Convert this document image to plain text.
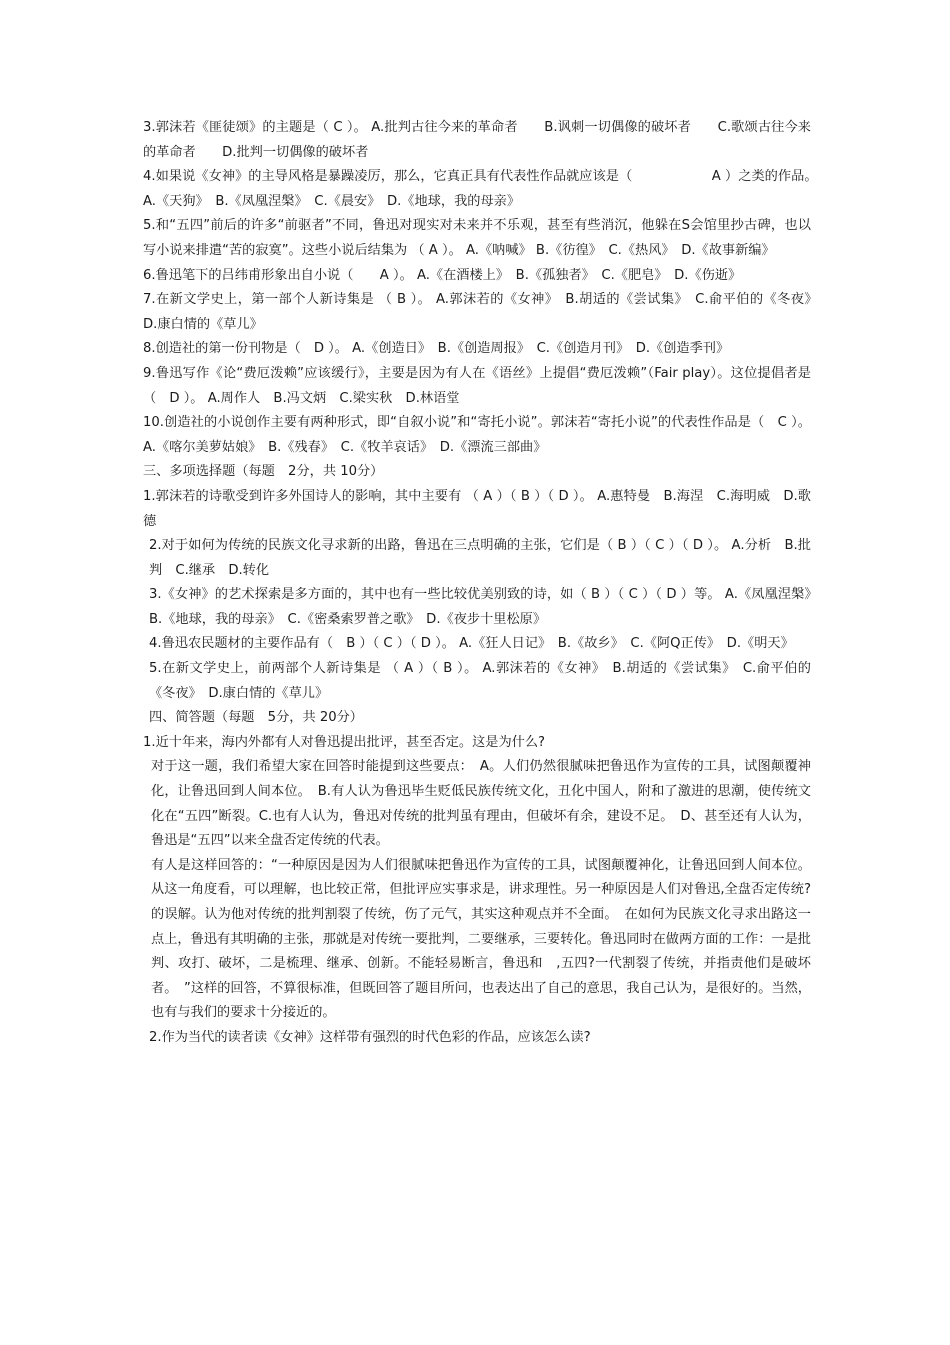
3.郭沫若《匪徒颂》的主题是（ C ）。 A.批判古往今来的革命者　　B.讽刺一切偶像的破坏者　　C.歌颂古往今来的革命者　　D.批判一切偶像的破坏者

4.如果说《女神》的主导风格是暴躁凌厉，那么，它真正具有代表性作品就应该是（　　　　　　A ）之类的作品。　A.《天狗》　B.《凤凰涅槃》　C.《晨安》　D.《地球，我的母亲》

5.和“五四”前后的许多“前驱者”不同，鲁迅对现实对未来并不乐观，甚至有些消沉，他躲在S会馆里抄古碑，也以写小说来排遣“苦的寂寞”。这些小说后结集为 （ A ）。 A.《呐喊》 B.《彷徨》　C.《热风》　D.《故事新编》

6.鲁迅笔下的吕纬甫形象出自小说（　　A ）。 A.《在酒楼上》　B.《孤独者》　C.《肥皂》　D.《伤逝》

7.在新文学史上，第一部个人新诗集是 （ B ）。 A.郭沫若的《女神》　B.胡适的《尝试集》　C.俞平伯的《冬夜》　D.康白情的《草儿》

8.创造社的第一份刊物是（　D ）。 A.《创造日》　B.《创造周报》　C.《创造月刊》　D.《创造季刊》

9.鲁迅写作《论“费厄泼赖”应该缓行》，主要是因为有人在《语丝》上提倡“费厄泼赖”（Fair play）。这位提倡者是（　D ）。 A.周作人　B.冯文炳　C.梁实秋　D.林语堂

10.创造社的小说创作主要有两种形式，即“自叙小说”和“寄托小说”。郭沫若“寄托小说”的代表性作品是（　C ）。 A.《喀尔美萝姑娘》　B.《残春》　C.《牧羊哀话》　D.《漂流三部曲》

三、多项选择题（每题　2分，共 10分）

1.郭沫若的诗歌受到许多外国诗人的影响，其中主要有 （ A ）（ B ）（ D ）。 A.惠特曼　B.海涅　C.海明威　D.歌德

2.对于如何为传统的民族文化寻求新的出路，鲁迅在三点明确的主张，它们是（ B ）（ C ）（ D ）。 A.分析　B.批判　C.继承　D.转化

3.《女神》的艺术探索是多方面的，其中也有一些比较优美别致的诗，如（ B ）（ C ）（ D ）等。 A.《凤凰涅槃》　B.《地球，我的母亲》　C.《密桑索罗普之歌》　D.《夜步十里松原》

4.鲁迅农民题材的主要作品有（　B ）（ C ）（ D ）。 A.《狂人日记》　B.《故乡》　C.《阿Q正传》　D.《明天》

5.在新文学史上，前两部个人新诗集是 （ A ）（ B ）。 A.郭沫若的《女神》　B.胡适的《尝试集》　C.俞平伯的《冬夜》　D.康白情的《草儿》

四、简答题（每题　5分，共 20分）

1.近十年来，海内外都有人对鲁迅提出批评，甚至否定。这是为什么?

对于这一题，我们希望大家在回答时能提到这些要点：　A。人们仍然很腻味把鲁迅作为宣传的工具，试图颠覆神化，让鲁迅回到人间本位。　B.有人认为鲁迅毕生贬低民族传统文化，丑化中国人，附和了激进的思潮，使传统文化在“五四”断裂。C.也有人认为，鲁迅对传统的批判虽有理由，但破坏有余，建设不足。　D、甚至还有人认为，鲁迅是“五四”以来全盘否定传统的代表。

有人是这样回答的：“一种原因是因为人们很腻味把鲁迅作为宣传的工具，试图颠覆神化，让鲁迅回到人间本位。从这一角度看，可以理解，也比较正常，但批评应实事求是，讲求理性。另一种原因是人们对鲁迅,全盘否定传统?的误解。认为他对传统的批判割裂了传统，伤了元气，其实这种观点并不全面。　在如何为民族文化寻求出路这一点上，鲁迅有其明确的主张，那就是对传统一要批判，二要继承，三要转化。鲁迅同时在做两方面的工作：一是批判、攻打、破坏，二是梳理、继承、创新。不能轻易断言，鲁迅和　,五四?一代割裂了传统，并指责他们是破坏者。　”这样的回答，不算很标准，但既回答了题目所问，也表达出了自己的意思，我自己认为，是很好的。当然，也有与我们的要求十分接近的。

2.作为当代的读者读《女神》这样带有强烈的时代色彩的作品，应该怎么读?
